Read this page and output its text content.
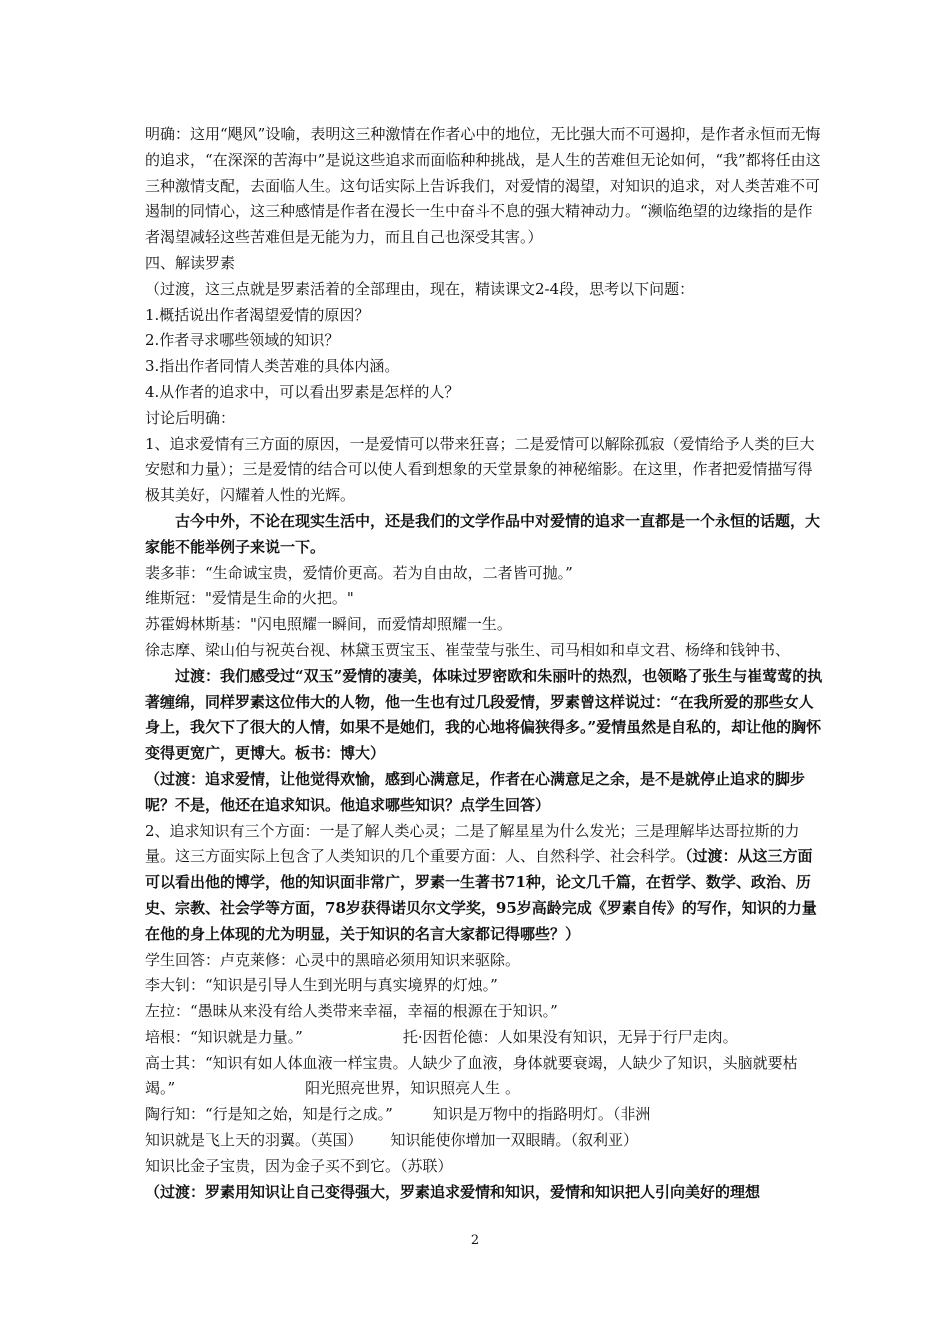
明确：这用“飓风”设喻，表明这三种激情在作者心中的地位，无比强大而不可遏抑，是作者永恒而无悔的追求，“在深深的苦海中”是说这些追求而面临种种挑战，是人生的苦难但无论如何，“我”都将任由这三种激情支配，去面临人生。这句话实际上告诉我们，对爱情的渴望，对知识的追求，对人类苦难不可遏制的同情心，这三种感情是作者在漫长一生中奋斗不息的强大精神动力。“濒临绝望的边缘指的是作者渴望减轻这些苦难但是无能为力，而且自己也深受其害。）

四、解读罗素

（过渡，这三点就是罗素活着的全部理由，现在，精读课文2-4段，思考以下问题：

1.概括说出作者渴望爱情的原因？

2.作者寻求哪些领域的知识？

3.指出作者同情人类苦难的具体内涵。

4.从作者的追求中，可以看出罗素是怎样的人？

讨论后明确：

1、追求爱情有三方面的原因，一是爱情可以带来狂喜；二是爱情可以解除孤寂（爱情给予人类的巨大安慰和力量）；三是爱情的结合可以使人看到想象的天堂景象的神秘缩影。在这里，作者把爱情描写得极其美好，闪耀着人性的光辉。

古今中外，不论在现实生活中，还是我们的文学作品中对爱情的追求一直都是一个永恒的话题，大家能不能举例子来说一下。

裴多菲：“生命诚宝贵，爱情价更高。若为自由故，二者皆可抛。”

维斯冠："爱情是生命的火把。"

苏霍姆林斯基："闪电照耀一瞬间，而爱情却照耀一生。

徐志摩、梁山伯与祝英台视、林黛玉贾宝玉、崔莹莹与张生、司马相如和卓文君、杨绛和钱钟书、

过渡：我们感受过“双玉”爱情的凄美，体味过罗密欧和朱丽叶的热烈，也领略了张生与崔莺莺的执著缠绵，同样罗素这位伟大的人物，他一生也有过几段爱情，罗素曾这样说过：“在我所爱的那些女人身上，我欠下了很大的人情，如果不是她们，我的心地将偏狭得多。”爱情虽然是自私的，却让他的胸怀变得更宽广，更博大。板书：博大）

（过渡：追求爱情，让他觉得欢愉，感到心满意足，作者在心满意足之余，是不是就停止追求的脚步呢？不是，他还在追求知识。他追求哪些知识？点学生回答）

2、追求知识有三个方面：一是了解人类心灵；二是了解星星为什么发光；三是理解毕达哥拉斯的力量。这三方面实际上包含了人类知识的几个重要方面：人、自然科学、社会科学。（过渡：从这三方面可以看出他的博学，他的知识面非常广，罗素一生著书71种，论文几千篇，在哲学、数学、政治、历史、宗教、社会学等方面，78岁获得诺贝尔文学奖，95岁高龄完成《罗素自传》的写作，知识的力量在他的身上体现的尤为明显，关于知识的名言大家都记得哪些？）

学生回答：卢克莱修：心灵中的黑暗必须用知识来驱除。

李大钊：“知识是引导人生到光明与真实境界的灯烛。”

左拉：“愚昧从来没有给人类带来幸福，幸福的根源在于知识。”

培根：“知识就是力量。”	托·因哲伦德：人如果没有知识，无异于行尸走肉。

高士其：“知识有如人体血液一样宝贵。人缺少了血液，身体就要衰竭，人缺少了知识，头脑就要枯竭。”	阳光照亮世界，知识照亮人生 。

陶行知：“行是知之始，知是行之成。”	知识是万物中的指路明灯。（非洲

知识就是飞上天的羽翼。（英国） 知识能使你增加一双眼睛。（叙利亚）

知识比金子宝贵，因为金子买不到它。（苏联）

（过渡：罗素用知识让自己变得强大，罗素追求爱情和知识，爱情和知识把人引向美好的理想

2
